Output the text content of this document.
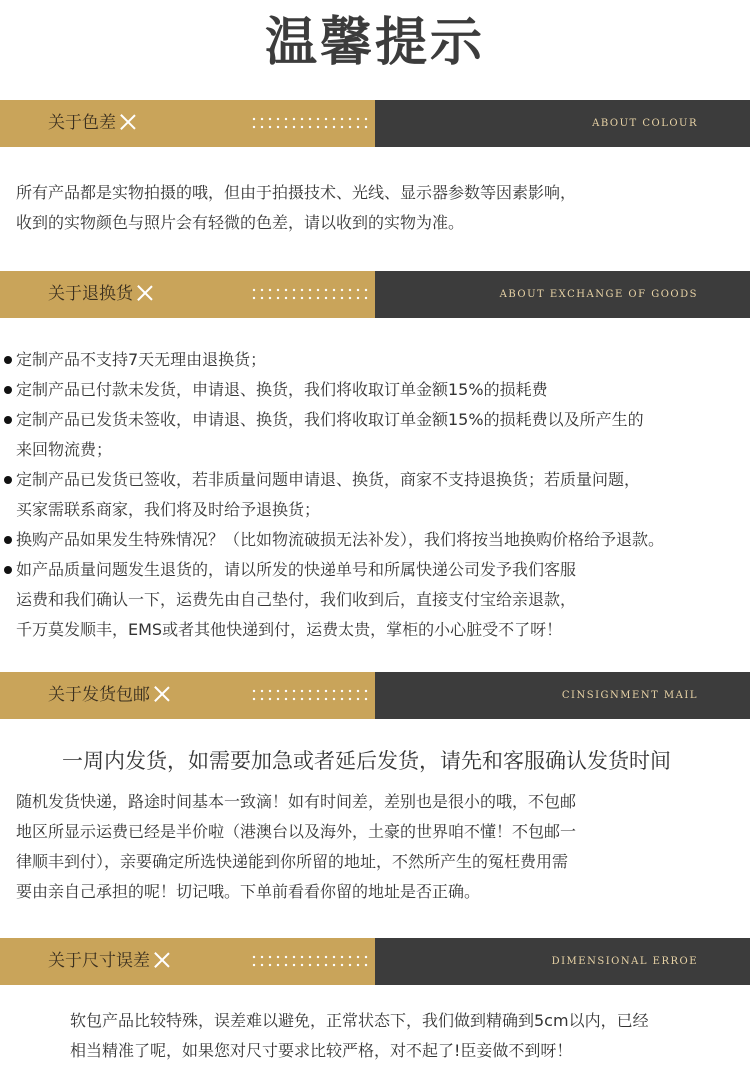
温馨提示
关于色差	ABOUT COLOUR

所有产品都是实物拍摄的哦，但由于拍摄技术、光线、显示器参数等因素影响，

收到的实物颜色与照片会有轻微的色差，请以收到的实物为准。

关于退换货	ABOUT EXCHANGE OF GOODS
定制产品不支持7天无理由退换货；
定制产品已付款未发货，申请退、换货，我们将收取订单金额15%的损耗费
定制产品已发货未签收，申请退、换货，我们将收取订单金额15%的损耗费以及所产生的
来回物流费；
定制产品已发货已签收，若非质量问题申请退、换货，商家不支持退换货；若质量问题，
买家需联系商家，我们将及时给予退换货；
换购产品如果发生特殊情况？（比如物流破损无法补发），我们将按当地换购价格给予退款。
如产品质量问题发生退货的，请以所发的快递单号和所属快递公司发予我们客服
运费和我们确认一下，运费先由自己垫付，我们收到后，直接支付宝给亲退款，
千万莫发顺丰，EMS或者其他快递到付，运费太贵，掌柜的小心脏受不了呀！
关于发货包邮	CINSIGNMENT MAIL
一周内发货，如需要加急或者延后发货，请先和客服确认发货时间

随机发货快递，路途时间基本一致滴！如有时间差，差别也是很小的哦，不包邮

地区所显示运费已经是半价啦（港澳台以及海外，土豪的世界咱不懂！不包邮一

律顺丰到付），亲要确定所选快递能到你所留的地址，不然所产生的冤枉费用需

要由亲自己承担的呢！切记哦。下单前看看你留的地址是否正确。

关于尺寸误差	DIMENSIONAL ERROE

软包产品比较特殊，误差难以避免，正常状态下，我们做到精确到5cm以内，已经

相当精准了呢，如果您对尺寸要求比较严格，对不起了!臣妾做不到呀！
